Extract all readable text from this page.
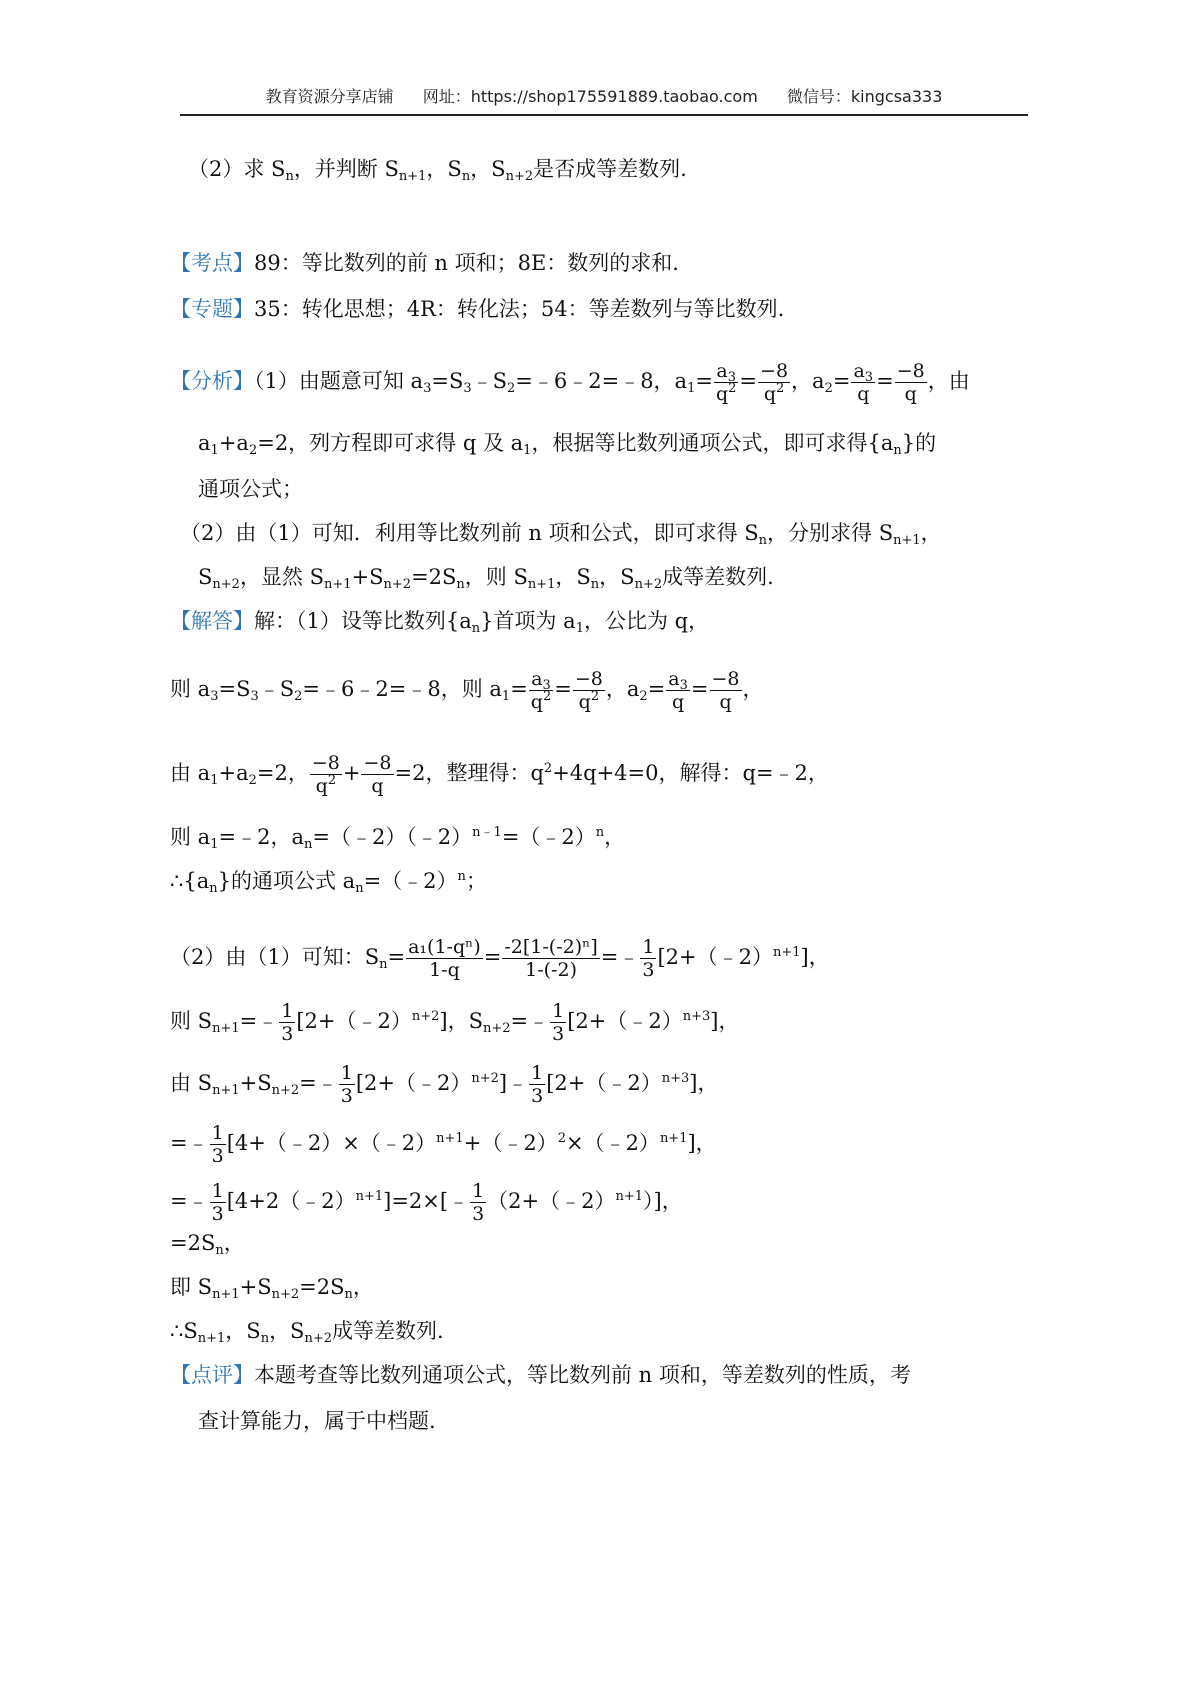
教育资源分享店铺 网址：https://shop175591889.taobao.com 微信号：kingcsa333
（2）求 $S_n$，并判断 $S_{n+1}$，$S_n$，$S_{n+2}$是否成等差数列.
【考点】89：等比数列的前 n 项和；8E：数列的求和.
【专题】35：转化思想；4R：转化法；54：等差数列与等比数列.
【分析】（1）由题意可知 $a_3=S_3﹣S_2=﹣6﹣2=﹣8$，$a_1= \frac{a_3}{q^2} = \frac{-8}{q^2}$ ，$a_2= \frac{a_3}{q} = \frac{-8}{q}$ ，由
$a_1+a_2=2$，列方程即可求得 q 及 $a_1$，根据等比数列通项公式，即可求得$\{a_n\}$的
通项公式；
（2）由（1）可知．利用等比数列前 n 项和公式，即可求得 $S_n$，分别求得 $S_{n+1}$，
$S_{n+2}$，显然 $S_{n+1}+S_{n+2}=2S_n$，则 $S_{n+1}$，$S_n$，$S_{n+2}$成等差数列.
【解答】解：（1）设等比数列$\{a_n\}$首项为 $a_1$，公比为 q，
则 $a_3=S_3﹣S_2=﹣6﹣2=﹣8$，则 $a_1= \frac{a_3}{q^2} = \frac{-8}{q^2}$ ，$a_2= \frac{a_3}{q} = \frac{-8}{q}$ ，
由 $a_1+a_2=2$， $\frac{-8}{q^2} + \frac{-8}{q} =2$，整理得：$q^2+4q+4=0$，解得：q=﹣2，
则 $a_1=﹣2$，$a_n=(﹣2)(﹣2)^{n﹣1}=(﹣2)^n$，
$\therefore\{a_n\}$的通项公式 $a_n=(﹣2)^n$；
（2）由（1）可知：$S_n= \frac{\text{a₁(1-qⁿ)}}{1-q} = \frac{\text{-2[1-(-2)ⁿ]}}{1-(-2)}$ =﹣ $\frac{1}{3}$ [2+（﹣2）$^{n+1}$]，
则 $S_{n+1}=﹣ \frac{1}{3}$ [2+（﹣2）$^{n+2}$]，$S_{n+2}=﹣ \frac{1}{3}$ [2+（﹣2）$^{n+3}$]，
由 $S_{n+1}+S_{n+2}=﹣ \frac{1}{3}$ [2+（﹣2）$^{n+2}$]﹣ $\frac{1}{3}$ [2+（﹣2）$^{n+3}$]，
=﹣ $\frac{1}{3}$ [4+（﹣2）×（﹣2）$^{n+1}$+（﹣2）$^2$×（﹣2）$^{n+1}$]，
=﹣ $\frac{1}{3}$ [4+2（﹣2）$^{n+1}$]=2×[﹣ $\frac{1}{3}$ （2+（﹣2）$^{n+1}$）]，
$=2S_n$，
即 $S_{n+1}+S_{n+2}=2S_n$，
$\therefore S_{n+1}$，$S_n$，$S_{n+2}$成等差数列.
【点评】本题考查等比数列通项公式，等比数列前 n 项和，等差数列的性质，考
查计算能力，属于中档题.
